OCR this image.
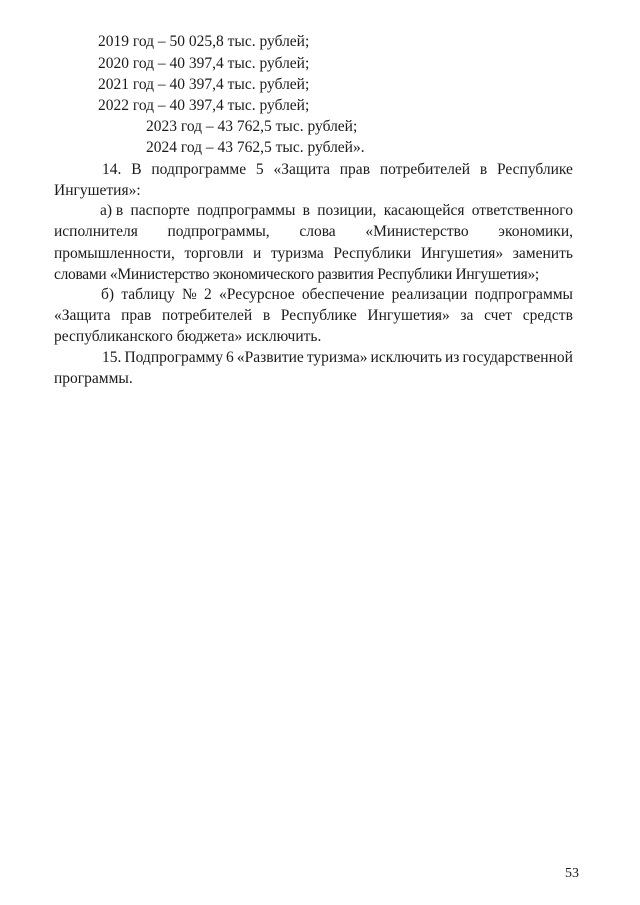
2019 год – 50 025,8 тыс. рублей;
2020 год – 40 397,4 тыс. рублей;
2021 год – 40 397,4 тыс. рублей;
2022 год – 40 397,4 тыс. рублей;
2023 год – 43 762,5 тыс. рублей;
2024 год – 43 762,5 тыс. рублей».
14. В подпрограмме 5 «Защита прав потребителей в Республике
Ингушетия»:
а) в паспорте подпрограммы в позиции, касающейся ответственного
исполнителя подпрограммы, слова «Министерство экономики,
промышленности, торговли и туризма Республики Ингушетия» заменить
словами «Министерство экономического развития Республики Ингушетия»;
б) таблицу № 2 «Ресурсное обеспечение реализации подпрограммы
«Защита прав потребителей в Республике Ингушетия» за счет средств
республиканского бюджета» исключить.
15. Подпрограмму 6 «Развитие туризма» исключить из государственной
программы.
53
